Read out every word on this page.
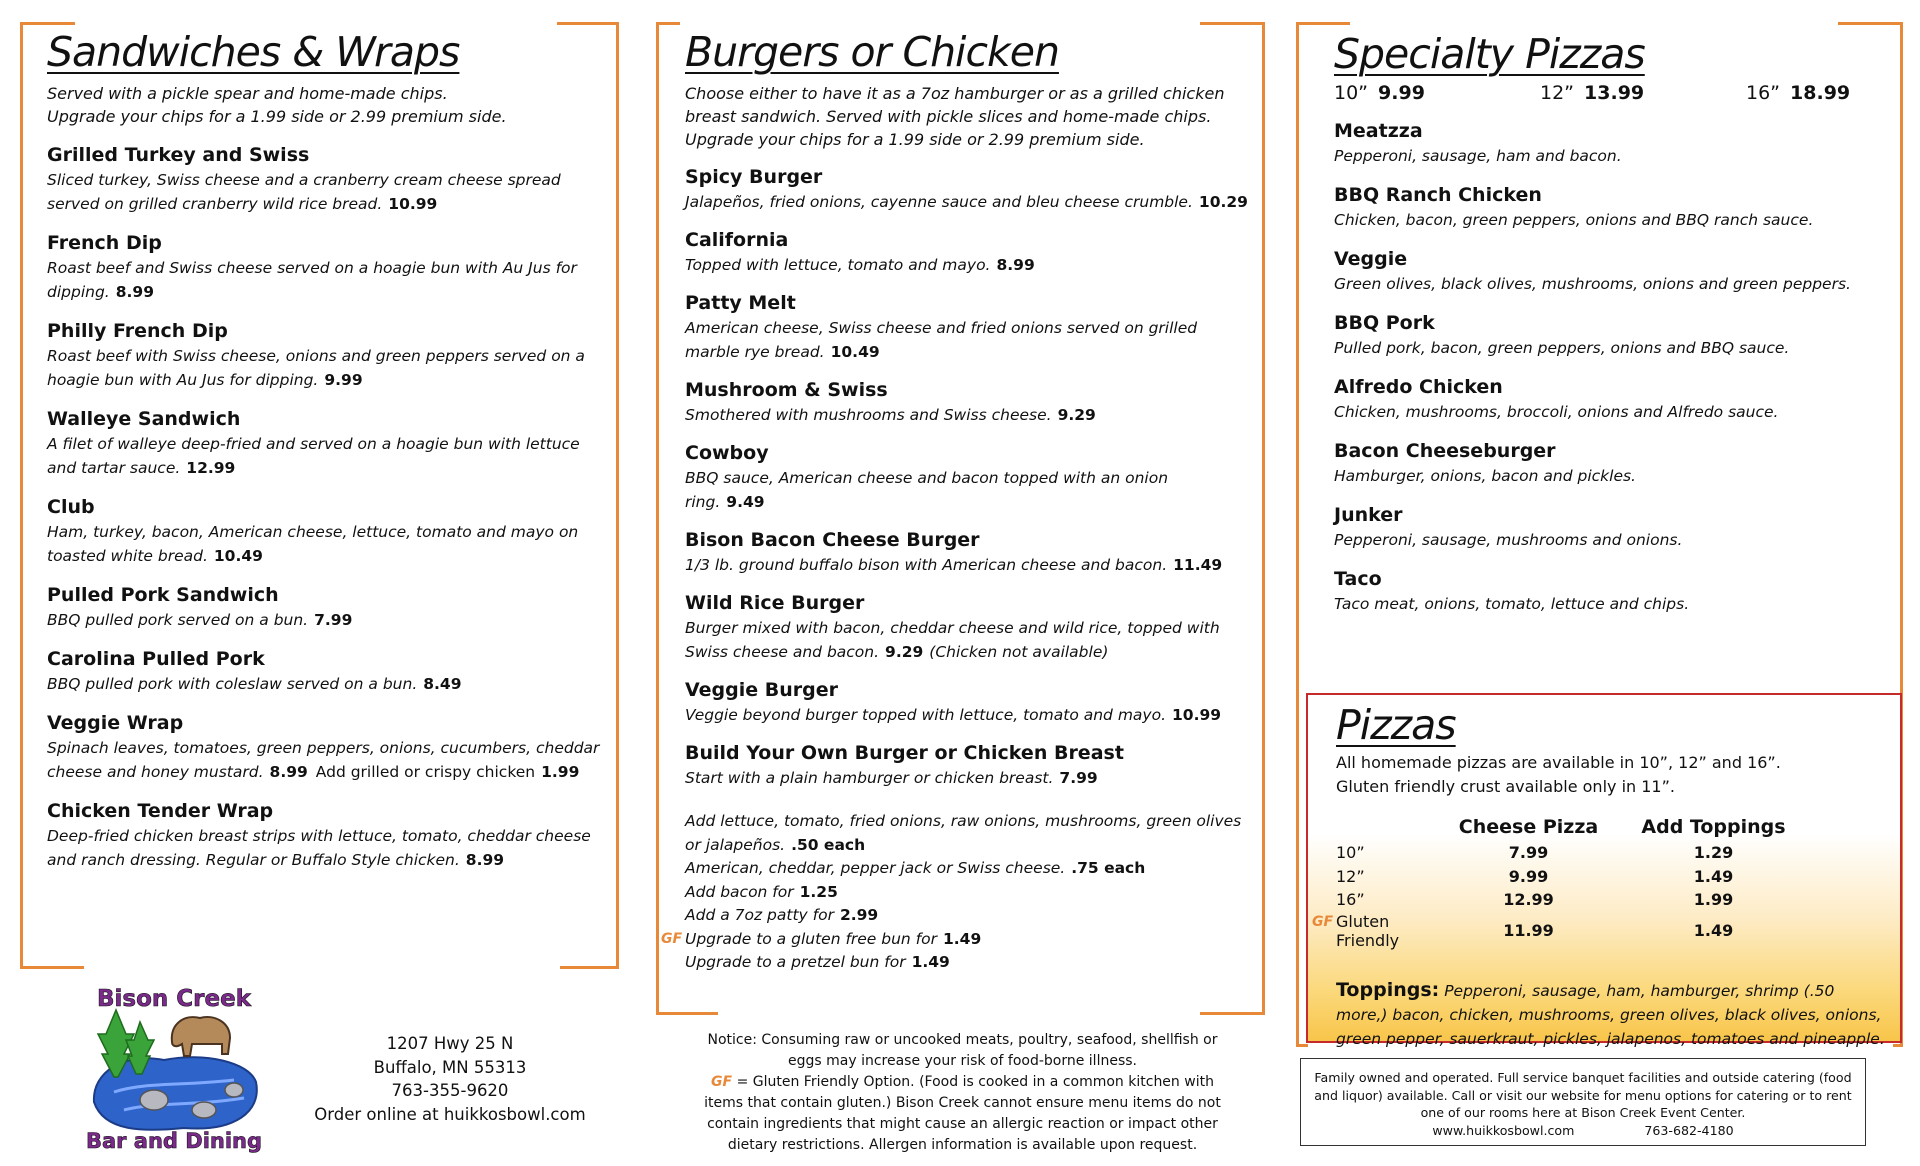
Sandwiches & Wraps
Served with a pickle spear and home-made chips.
Upgrade your chips for a 1.99 side or 2.99 premium side.
Grilled Turkey and Swiss
Sliced turkey, Swiss cheese and a cranberry cream cheese spread served on grilled cranberry wild rice bread. 10.99
French Dip
Roast beef and Swiss cheese served on a hoagie bun with Au Jus for dipping. 8.99
Philly French Dip
Roast beef with Swiss cheese, onions and green peppers served on a hoagie bun with Au Jus for dipping. 9.99
Walleye Sandwich
A filet of walleye deep-fried and served on a hoagie bun with lettuce and tartar sauce. 12.99
Club
Ham, turkey, bacon, American cheese, lettuce, tomato and mayo on toasted white bread. 10.49
Pulled Pork Sandwich
BBQ pulled pork served on a bun. 7.99
Carolina Pulled Pork
BBQ pulled pork with coleslaw served on a bun. 8.49
Veggie Wrap
Spinach leaves, tomatoes, green peppers, onions, cucumbers, cheddar cheese and honey mustard. 8.99 Add grilled or crispy chicken 1.99
Chicken Tender Wrap
Deep-fried chicken breast strips with lettuce, tomato, cheddar cheese and ranch dressing. Regular or Buffalo Style chicken. 8.99
Burgers or Chicken
Choose either to have it as a 7oz hamburger or as a grilled chicken breast sandwich. Served with pickle slices and home-made chips. Upgrade your chips for a 1.99 side or 2.99 premium side.
Spicy Burger
Jalapeños, fried onions, cayenne sauce and bleu cheese crumble. 10.29
California
Topped with lettuce, tomato and mayo. 8.99
Patty Melt
American cheese, Swiss cheese and fried onions served on grilled marble rye bread. 10.49
Mushroom & Swiss
Smothered with mushrooms and Swiss cheese. 9.29
Cowboy
BBQ sauce, American cheese and bacon topped with an onion ring. 9.49
Bison Bacon Cheese Burger
1/3 lb. ground buffalo bison with American cheese and bacon. 11.49
Wild Rice Burger
Burger mixed with bacon, cheddar cheese and wild rice, topped with Swiss cheese and bacon. 9.29 (Chicken not available)
Veggie Burger
Veggie beyond burger topped with lettuce, tomato and mayo. 10.99
Build Your Own Burger or Chicken Breast
Start with a plain hamburger or chicken breast. 7.99
Add lettuce, tomato, fried onions, raw onions, mushrooms, green olives or jalapeños. .50 each
American, cheddar, pepper jack or Swiss cheese. .75 each
Add bacon for 1.25
Add a 7oz patty for 2.99
GF Upgrade to a gluten free bun for 1.49
Upgrade to a pretzel bun for 1.49
Specialty Pizzas
10” 9.99	12” 13.99	16” 18.99
Meatzza
Pepperoni, sausage, ham and bacon.
BBQ Ranch Chicken
Chicken, bacon, green peppers, onions and BBQ ranch sauce.
Veggie
Green olives, black olives, mushrooms, onions and green peppers.
BBQ Pork
Pulled pork, bacon, green peppers, onions and BBQ sauce.
Alfredo Chicken
Chicken, mushrooms, broccoli, onions and Alfredo sauce.
Bacon Cheeseburger
Hamburger, onions, bacon and pickles.
Junker
Pepperoni, sausage, mushrooms and onions.
Taco
Taco meat, onions, tomato, lettuce and chips.
Pizzas
All homemade pizzas are available in 10”, 12” and 16”.
Gluten friendly crust available only in 11”.
	Cheese Pizza	Add Toppings
10”	7.99	1.29
12”	9.99	1.49
16”	12.99	1.99

GF Gluten Friendly	11.99	1.49
Toppings: Pepperoni, sausage, ham, hamburger, shrimp (.50 more,) bacon, chicken, mushrooms, green olives, black olives, onions, green pepper, sauerkraut, pickles, jalapenos, tomatoes and pineapple.
Bison Creek
Bar and Dining
1207 Hwy 25 N
Buffalo, MN 55313
763-355-9620
Order online at huikkosbowl.com
Notice: Consuming raw or uncooked meats, poultry, seafood, shellfish or eggs may increase your risk of food-borne illness.
GF = Gluten Friendly Option. (Food is cooked in a common kitchen with items that contain gluten.) Bison Creek cannot ensure menu items do not contain ingredients that might cause an allergic reaction or impact other dietary restrictions. Allergen information is available upon request.
Family owned and operated. Full service banquet facilities and outside catering (food and liquor) available. Call or visit our website for menu options for catering or to rent one of our rooms here at Bison Creek Event Center.
www.huikkosbowl.com	763-682-4180
